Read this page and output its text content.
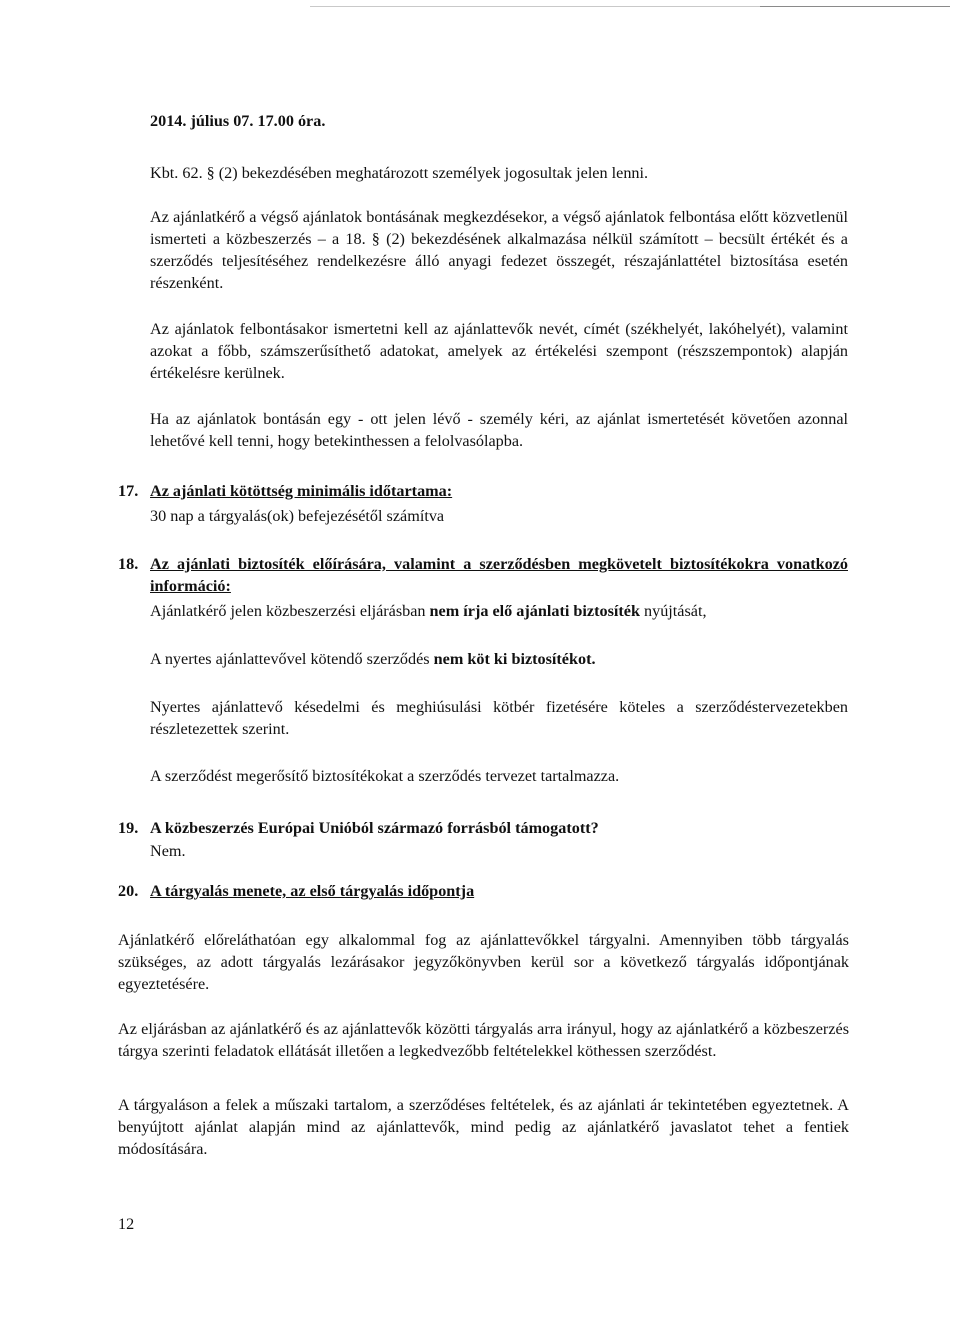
2014. július 07. 17.00 óra.

Kbt. 62. § (2) bekezdésében meghatározott személyek jogosultak jelen lenni.

Az ajánlatkérő a végső ajánlatok bontásának megkezdésekor, a végső ajánlatok felbontása előtt közvetlenül ismerteti a közbeszerzés – a 18. § (2) bekezdésének alkalmazása nélkül számított – becsült értékét és a szerződés teljesítéséhez rendelkezésre álló anyagi fedezet összegét, részajánlattétel biztosítása esetén részenként.

Az ajánlatok felbontásakor ismertetni kell az ajánlattevők nevét, címét (székhelyét, lakóhelyét), valamint azokat a főbb, számszerűsíthető adatokat, amelyek az értékelési szempont (részszempontok) alapján értékelésre kerülnek.

Ha az ajánlatok bontásán egy - ott jelen lévő - személy kéri, az ajánlat ismertetését követően azonnal lehetővé kell tenni, hogy betekinthessen a felolvasólapba.

17. Az ajánlati kötöttség minimális időtartama:

30 nap a tárgyalás(ok) befejezésétől számítva

18. Az ajánlati biztosíték előírására, valamint a szerződésben megkövetelt biztosítékokra vonatkozó információ:

Ajánlatkérő jelen közbeszerzési eljárásban nem írja elő ajánlati biztosíték nyújtását,

A nyertes ajánlattevővel kötendő szerződés nem köt ki biztosítékot.

Nyertes ajánlattevő késedelmi és meghiúsulási kötbér fizetésére köteles a szerződéstervezetekben részletezettek szerint.

A szerződést megerősítő biztosítékokat a szerződés tervezet tartalmazza.

19. A közbeszerzés Európai Unióból származó forrásból támogatott?

Nem.

20. A tárgyalás menete, az első tárgyalás időpontja

Ajánlatkérő előreláthatóan egy alkalommal fog az ajánlattevőkkel tárgyalni. Amennyiben több tárgyalás szükséges, az adott tárgyalás lezárásakor jegyzőkönyvben kerül sor a következő tárgyalás időpontjának egyeztetésére.

Az eljárásban az ajánlatkérő és az ajánlattevők közötti tárgyalás arra irányul, hogy az ajánlatkérő a közbeszerzés tárgya szerinti feladatok ellátását illetően a legkedvezőbb feltételekkel köthessen szerződést.

A tárgyaláson a felek a műszaki tartalom, a szerződéses feltételek, és az ajánlati ár tekintetében egyeztetnek. A benyújtott ajánlat alapján mind az ajánlattevők, mind pedig az ajánlatkérő javaslatot tehet a fentiek módosítására.

12
